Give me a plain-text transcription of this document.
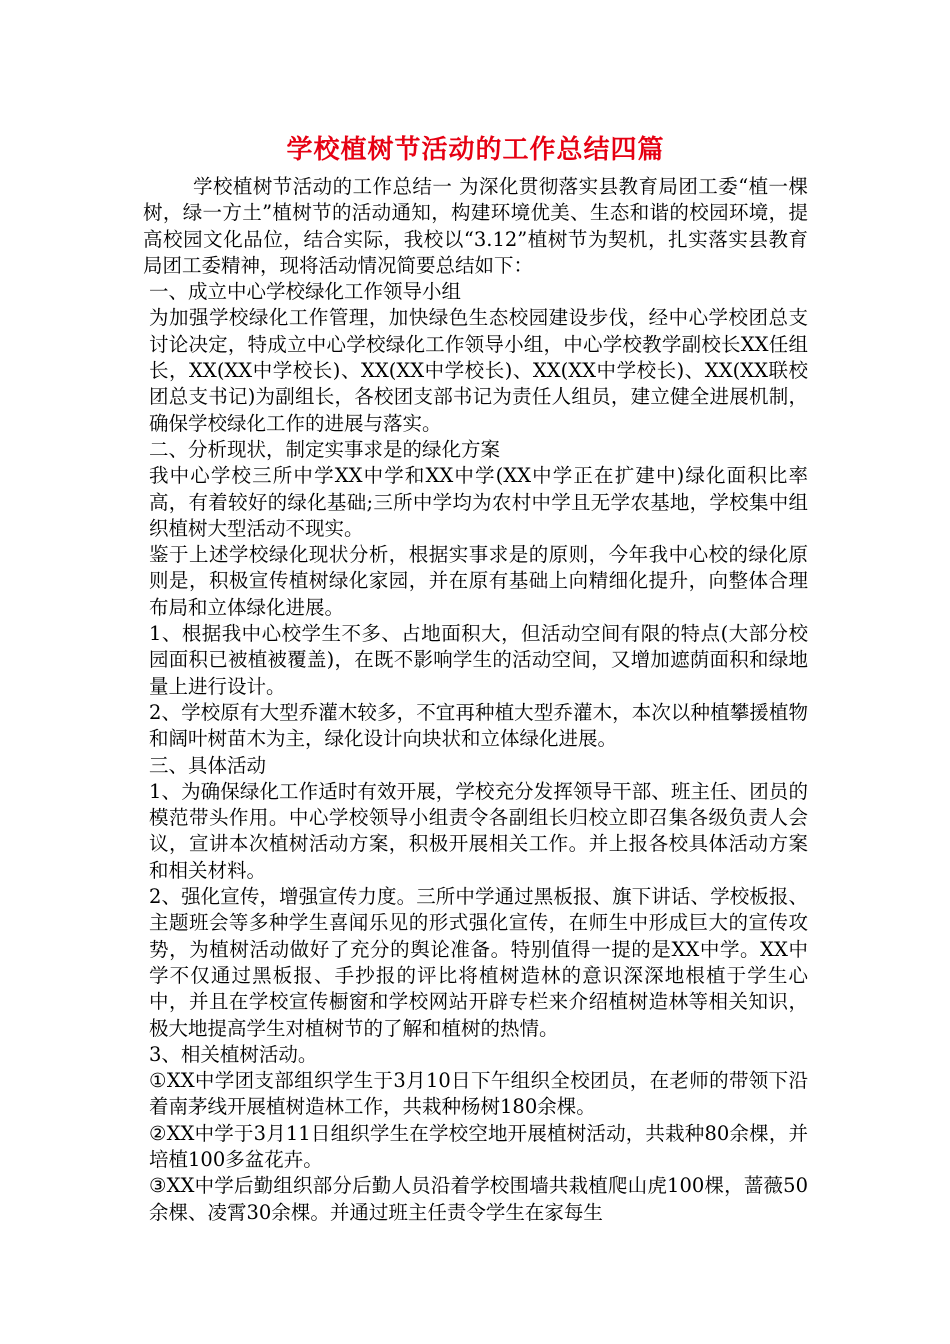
学校植树节活动的工作总结四篇

学校植树节活动的工作总结一 为深化贯彻落实县教育局团工委“植一棵树，绿一方土”植树节的活动通知，构建环境优美、生态和谐的校园环境，提高校园文化品位，结合实际，我校以“3.12”植树节为契机，扎实落实县教育局团工委精神，现将活动情况简要总结如下：

一、成立中心学校绿化工作领导小组

为加强学校绿化工作管理，加快绿色生态校园建设步伐，经中心学校团总支讨论决定，特成立中心学校绿化工作领导小组，中心学校教学副校长XX任组长，XX(XX中学校长)、XX(XX中学校长)、XX(XX中学校长)、XX(XX联校团总支书记)为副组长，各校团支部书记为责任人组员，建立健全进展机制，确保学校绿化工作的进展与落实。

二、分析现状，制定实事求是的绿化方案

我中心学校三所中学XX中学和XX中学(XX中学正在扩建中)绿化面积比率高，有着较好的绿化基础;三所中学均为农村中学且无学农基地，学校集中组织植树大型活动不现实。

鉴于上述学校绿化现状分析，根据实事求是的原则，今年我中心校的绿化原则是，积极宣传植树绿化家园，并在原有基础上向精细化提升，向整体合理布局和立体绿化进展。

1、根据我中心校学生不多、占地面积大，但活动空间有限的特点(大部分校园面积已被植被覆盖)，在既不影响学生的活动空间，又增加遮荫面积和绿地量上进行设计。

2、学校原有大型乔灌木较多，不宜再种植大型乔灌木，本次以种植攀援植物和阔叶树苗木为主，绿化设计向块状和立体绿化进展。

三、具体活动

1、为确保绿化工作适时有效开展，学校充分发挥领导干部、班主任、团员的模范带头作用。中心学校领导小组责令各副组长归校立即召集各级负责人会议，宣讲本次植树活动方案，积极开展相关工作。并上报各校具体活动方案和相关材料。

2、强化宣传，增强宣传力度。三所中学通过黑板报、旗下讲话、学校板报、主题班会等多种学生喜闻乐见的形式强化宣传，在师生中形成巨大的宣传攻势，为植树活动做好了充分的舆论准备。特别值得一提的是XX中学。XX中学不仅通过黑板报、手抄报的评比将植树造林的意识深深地根植于学生心中，并且在学校宣传橱窗和学校网站开辟专栏来介绍植树造林等相关知识，极大地提高学生对植树节的了解和植树的热情。

3、相关植树活动。

①XX中学团支部组织学生于3月10日下午组织全校团员，在老师的带领下沿着南茅线开展植树造林工作，共栽种杨树180余棵。

②XX中学于3月11日组织学生在学校空地开展植树活动，共栽种80余棵，并培植100多盆花卉。

③XX中学后勤组织部分后勤人员沿着学校围墙共栽植爬山虎100棵，蔷薇50余棵、凌霄30余棵。并通过班主任责令学生在家每生
